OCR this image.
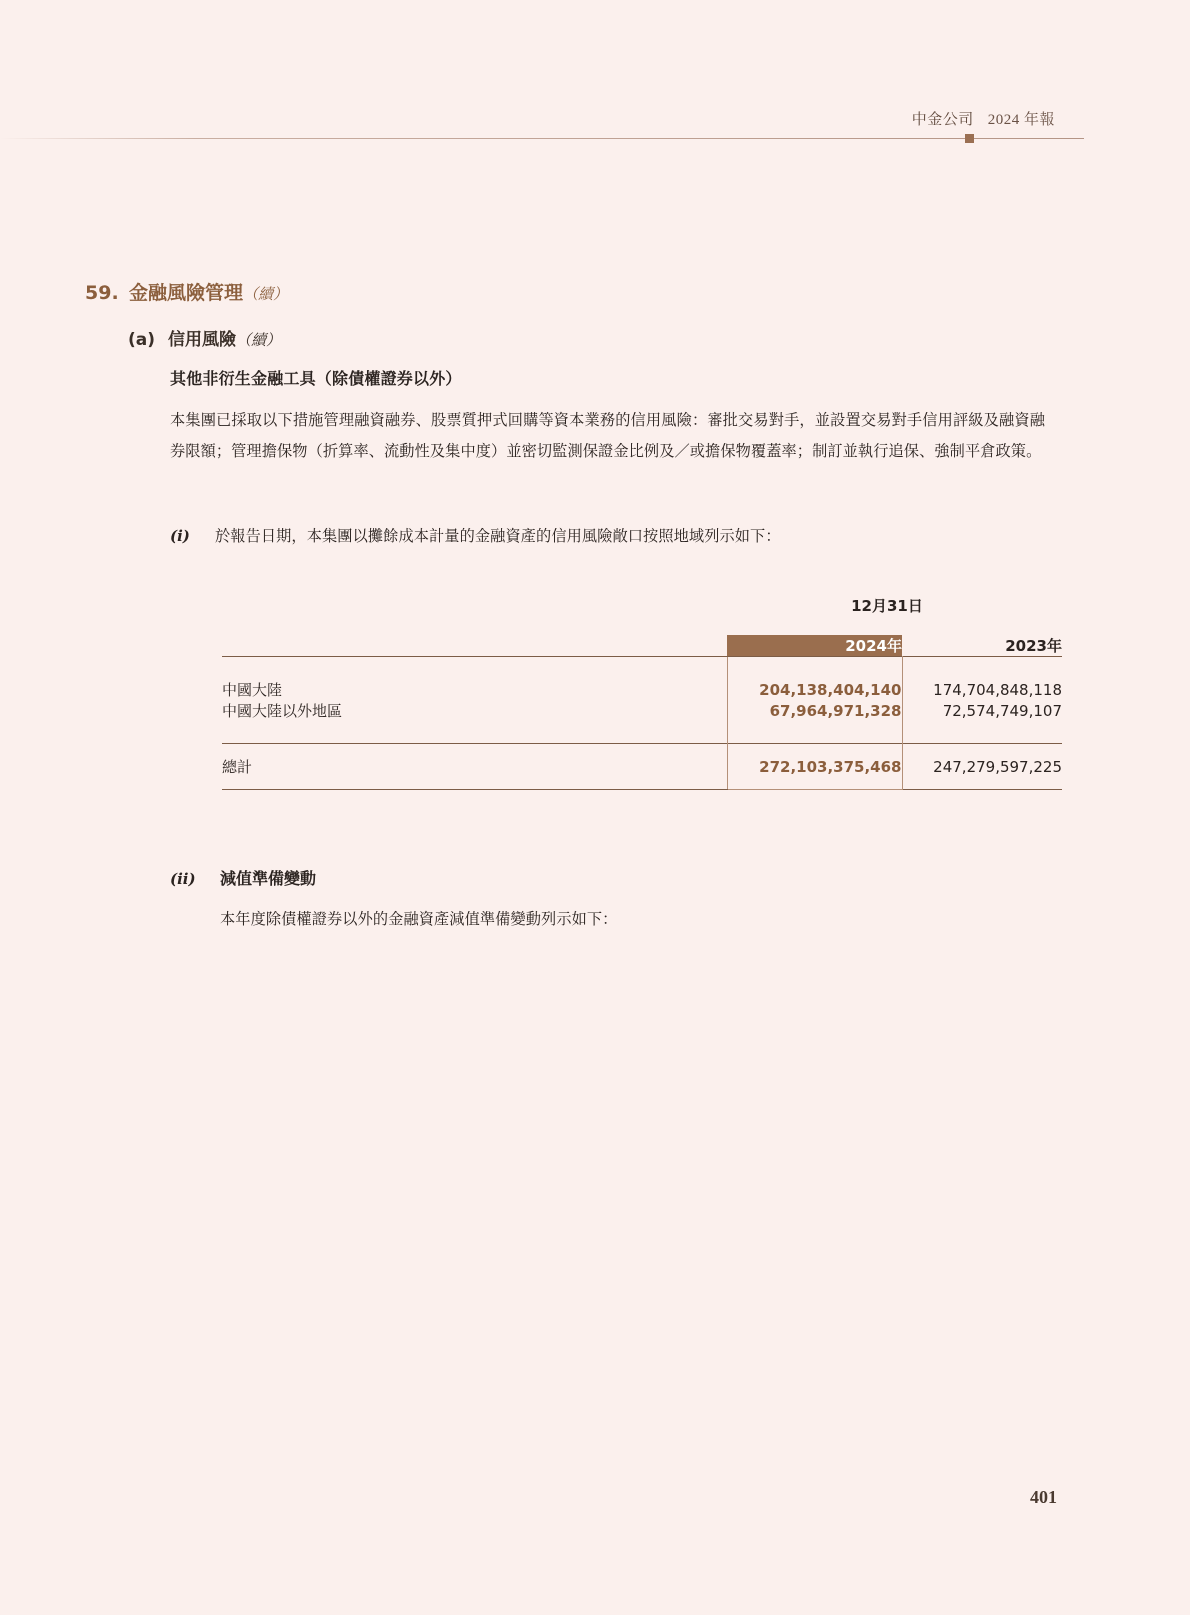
中金公司 2024 年報
59. 金融風險管理（續）
(a) 信用風險（續）
其他非衍生金融工具（除債權證券以外）
本集團已採取以下措施管理融資融券、股票質押式回購等資本業務的信用風險：審批交易對手，並設置交易對手信用評級及融資融券限額；管理擔保物（折算率、流動性及集中度）並密切監測保證金比例及／或擔保物覆蓋率；制訂並執行追保、強制平倉政策。
(i)	於報告日期，本集團以攤餘成本計量的金融資產的信用風險敞口按照地域列示如下：
12月31日
	2024年	2023年

中國大陸	204,138,404,140	174,704,848,118
中國大陸以外地區	67,964,971,328	72,574,749,107

總計	272,103,375,468	247,279,597,225
(ii)	減值準備變動
本年度除債權證券以外的金融資產減值準備變動列示如下：
401
